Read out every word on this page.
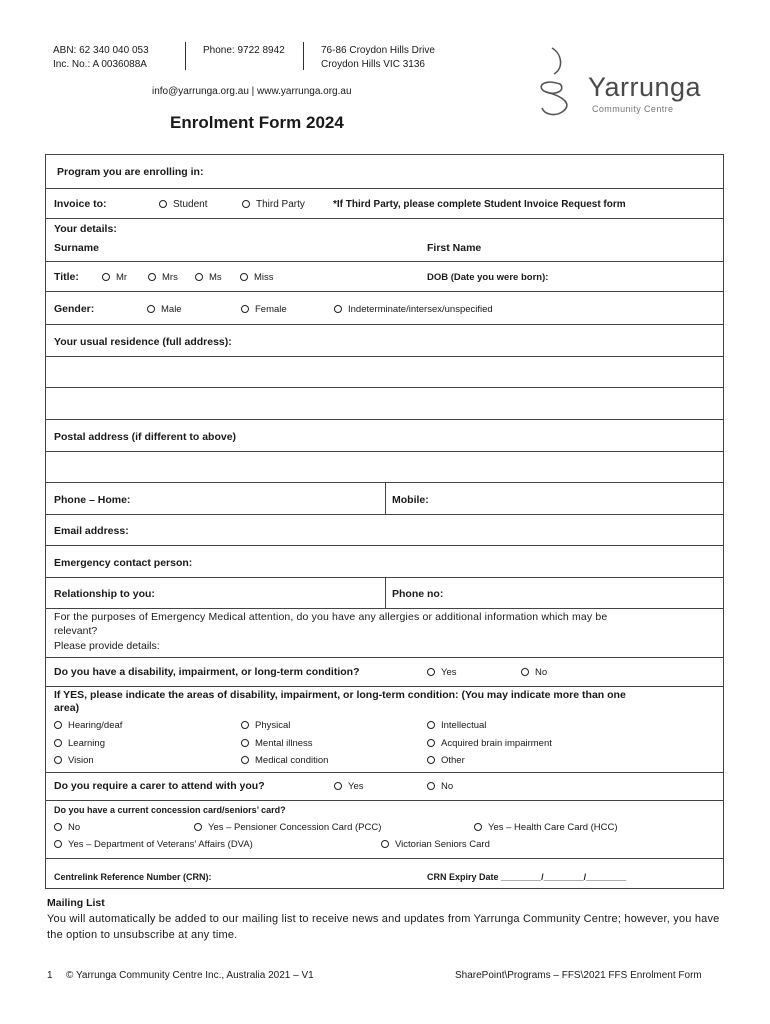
ABN: 62 340 040 053
Inc. No.: A 0036088A
Phone: 9722 8942	76-86 Croydon Hills Drive
Croydon Hills VIC 3136
info@yarrunga.org.au | www.yarrunga.org.au	Yarrunga
Community Centre
Enrolment Form 2024
Program you are enrolling in:
Invoice to:	Student	Third Party	*If Third Party, please complete Student Invoice Request form
Your details:
Surname	First Name
Title:	Mr	Mrs	Ms	Miss	DOB (Date you were born):
Gender:	Male	Female	Indeterminate/intersex/unspecified
Your usual residence (full address):
Postal address (if different to above)
Phone – Home:	Mobile:
Email address:
Emergency contact person:
Relationship to you:	Phone no:
For the purposes of Emergency Medical attention, do you have any allergies or additional information which may be
relevant?
Please provide details:
Do you have a disability, impairment, or long-term condition?	Yes	No
If YES, please indicate the areas of disability, impairment, or long-term condition: (You may indicate more than one
area)
Hearing/deaf	Physical	Intellectual
Learning	Mental illness	Acquired brain impairment
Vision	Medical condition	Other
Do you require a carer to attend with you?	Yes	No
Do you have a current concession card/seniors’ card?
No	Yes – Pensioner Concession Card (PCC)	Yes – Health Care Card (HCC)
Yes – Department of Veterans’ Affairs (DVA)	Victorian Seniors Card
Centrelink Reference Number (CRN):	CRN Expiry Date ________/________/________
Mailing List
You will automatically be added to our mailing list to receive news and updates from Yarrunga Community Centre; however, you have the option to unsubscribe at any time.
1 © Yarrunga Community Centre Inc., Australia 2021 – V1	SharePoint\Programs – FFS\2021 FFS Enrolment Form
